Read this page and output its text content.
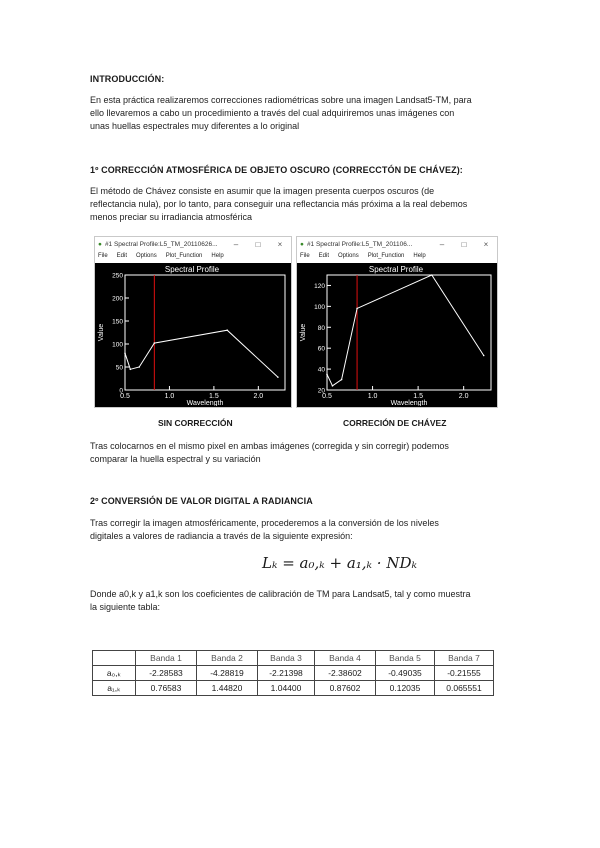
INTRODUCCIÓN:
En esta práctica realizaremos correcciones radiométricas sobre una imagen Landsat5-TM, para
ello llevaremos a cabo un procedimiento a través del cual adquiriremos unas imágenes con
unas huellas espectrales muy diferentes a lo original
1º CORRECCIÓN ATMOSFÉRICA DE OBJETO OSCURO (CORRECCTÓN DE CHÁVEZ):
El método de Chávez consiste en asumir que la imagen presenta cuerpos oscuros (de
reflectancia nula), por lo tanto, para conseguir una reflectancia más próxima a la real debemos
menos preciar su irradiancia atmosférica
● #1 Spectral Profile:L5_TM_20110626...	–	□	×
File Edit Options Plot_Function Help
Spectral Profile
0.5	1.0	1.5	2.0
0
50
100
150
200
250
Wavelength
Value
● #1 Spectral Profile:L5_TM_201106...	–	□	×
File Edit Options Plot_Function Help
Spectral Profile
0.5	1.0	1.5	2.0
20
40
60
80
100
120
Wavelength
Value
SIN CORRECCIÓN	CORRECIÓN DE CHÁVEZ
Tras colocarnos en el mismo pixel en ambas imágenes (corregida y sin corregir) podemos
comparar la huella espectral y su variación
2º CONVERSIÓN DE VALOR DIGITAL A RADIANCIA
Tras corregir la imagen atmosféricamente, procederemos a la conversión de los niveles
digitales a valores de radiancia a través de la siguiente expresión:
Lₖ = a₀,ₖ + a₁,ₖ · NDₖ
Donde a0,k y a1,k son los coeficientes de calibración de TM para Landsat5, tal y como muestra
la siguiente tabla:
	Banda 1	Banda 2	Banda 3	Banda 4	Banda 5	Banda 7
a₀,ₖ	-2.28583	-4.28819	-2.21398	-2.38602	-0.49035	-0.21555
a₁,ₖ	0.76583	1.44820	1.04400	0.87602	0.12035	0.065551
